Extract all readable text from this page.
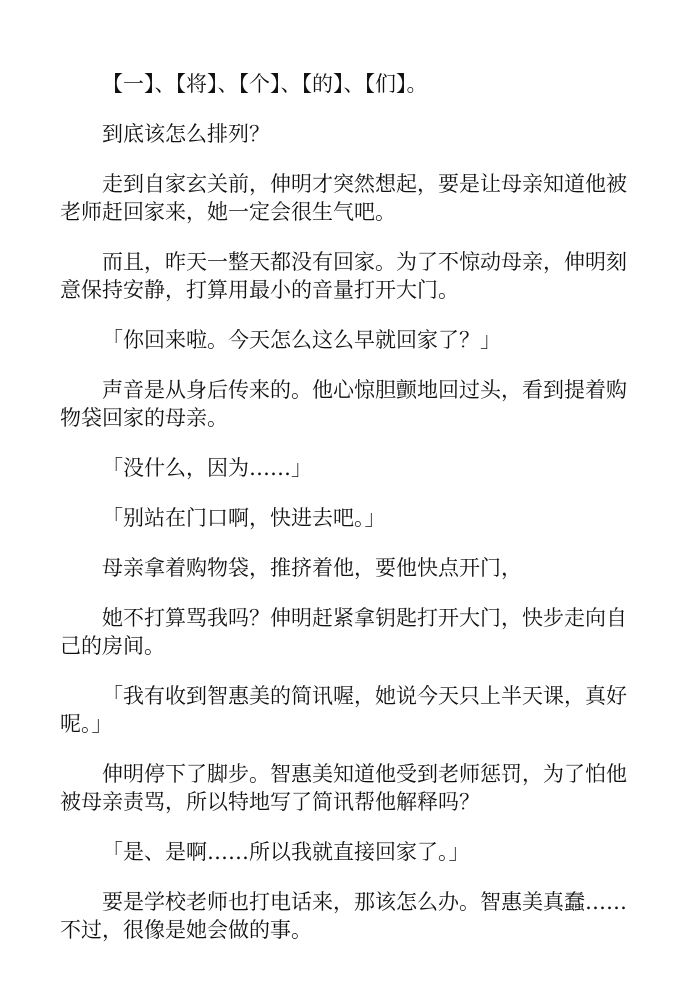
【一】、【将】、【个】、【的】、【们】。

到底该怎么排列？

走到自家玄关前，伸明才突然想起，要是让母亲知道他被老师赶回家来，她一定会很生气吧。

而且，昨天一整天都没有回家。为了不惊动母亲，伸明刻意保持安静，打算用最小的音量打开大门。

「你回来啦。今天怎么这么早就回家了？」

声音是从身后传来的。他心惊胆颤地回过头，看到提着购物袋回家的母亲。

「没什么，因为……」

「别站在门口啊，快进去吧。」

母亲拿着购物袋，推挤着他，要他快点开门，

她不打算骂我吗？伸明赶紧拿钥匙打开大门，快步走向自己的房间。

「我有收到智惠美的简讯喔，她说今天只上半天课，真好呢。」

伸明停下了脚步。智惠美知道他受到老师惩罚，为了怕他被母亲责骂，所以特地写了简讯帮他解释吗？

「是、是啊……所以我就直接回家了。」

要是学校老师也打电话来，那该怎么办。智惠美真蠢……不过，很像是她会做的事。
